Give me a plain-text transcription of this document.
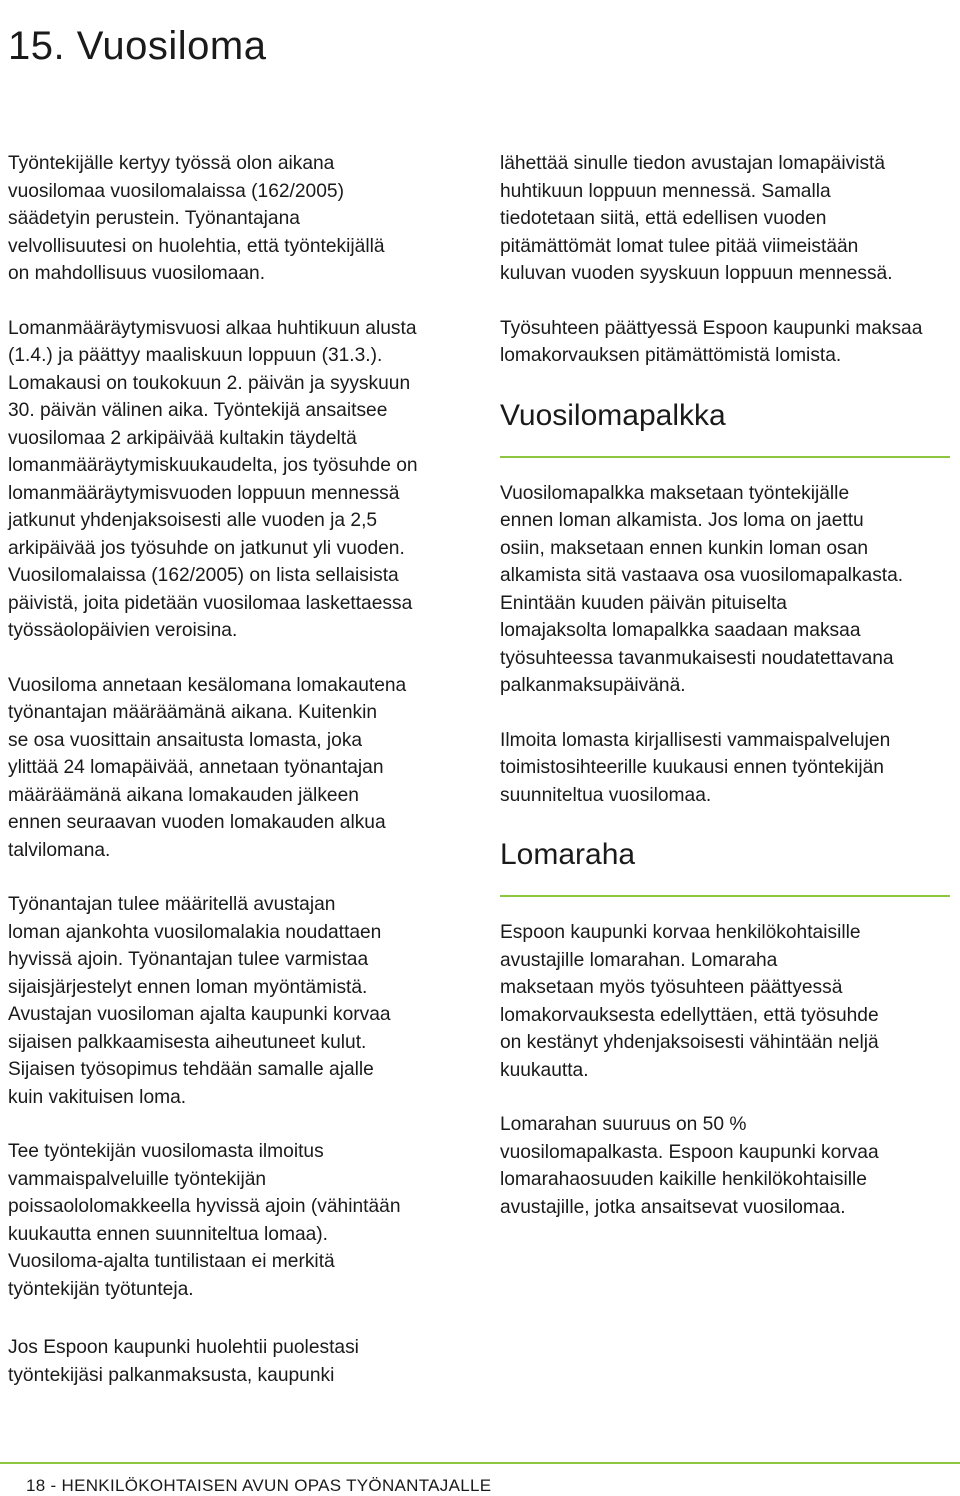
15. Vuosiloma

Työntekijälle kertyy työssä olon aikana
vuosilomaa vuosilomalaissa (162/2005)
säädetyin perustein. Työnantajana
velvollisuutesi on huolehtia, että työntekijällä
on mahdollisuus vuosilomaan.

Lomanmääräytymisvuosi alkaa huhtikuun alusta
(1.4.) ja päättyy maaliskuun loppuun (31.3.).
Lomakausi on toukokuun 2. päivän ja syyskuun
30. päivän välinen aika. Työntekijä ansaitsee
vuosilomaa 2 arkipäivää kultakin täydeltä
lomanmääräytymiskuukaudelta, jos työsuhde on
lomanmääräytymisvuoden loppuun mennessä
jatkunut yhdenjaksoisesti alle vuoden ja 2,5
arkipäivää jos työsuhde on jatkunut yli vuoden.
Vuosilomalaissa (162/2005) on lista sellaisista
päivistä, joita pidetään vuosilomaa laskettaessa
työssäolopäivien veroisina.

Vuosiloma annetaan kesälomana lomakautena
työnantajan määräämänä aikana. Kuitenkin
se osa vuosittain ansaitusta lomasta, joka
ylittää 24 lomapäivää, annetaan työnantajan
määräämänä aikana lomakauden jälkeen
ennen seuraavan vuoden lomakauden alkua
talvilomana.

Työnantajan tulee määritellä avustajan
loman ajankohta vuosilomalakia noudattaen
hyvissä ajoin. Työnantajan tulee varmistaa
sijaisjärjestelyt ennen loman myöntämistä.
Avustajan vuosiloman ajalta kaupunki korvaa
sijaisen palkkaamisesta aiheutuneet kulut.
Sijaisen työsopimus tehdään samalle ajalle
kuin vakituisen loma.

Tee työntekijän vuosilomasta ilmoitus
vammaispalveluille työntekijän
poissaololomakkeella hyvissä ajoin (vähintään
kuukautta ennen suunniteltua lomaa).
Vuosiloma-ajalta tuntilistaan ei merkitä
työntekijän työtunteja.

Jos Espoon kaupunki huolehtii puolestasi
työntekijäsi palkanmaksusta, kaupunki

lähettää sinulle tiedon avustajan lomapäivistä
huhtikuun loppuun mennessä. Samalla
tiedotetaan siitä, että edellisen vuoden
pitämättömät lomat tulee pitää viimeistään
kuluvan vuoden syyskuun loppuun mennessä.

Työsuhteen päättyessä Espoon kaupunki maksaa
lomakorvauksen pitämättömistä lomista.

Vuosilomapalkka

Vuosilomapalkka maksetaan työntekijälle
ennen loman alkamista. Jos loma on jaettu
osiin, maksetaan ennen kunkin loman osan
alkamista sitä vastaava osa vuosilomapalkasta.
Enintään kuuden päivän pituiselta
lomajaksolta lomapalkka saadaan maksaa
työsuhteessa tavanmukaisesti noudatettavana
palkanmaksupäivänä.

Ilmoita lomasta kirjallisesti vammaispalvelujen
toimistosihteerille kuukausi ennen työntekijän
suunniteltua vuosilomaa.

Lomaraha

Espoon kaupunki korvaa henkilökohtaisille
avustajille lomarahan. Lomaraha
maksetaan myös työsuhteen päättyessä
lomakorvauksesta edellyttäen, että työsuhde
on kestänyt yhdenjaksoisesti vähintään neljä
kuukautta.

Lomarahan suuruus on 50 %
vuosilomapalkasta. Espoon kaupunki korvaa
lomarahaosuuden kaikille henkilökohtaisille
avustajille, jotka ansaitsevat vuosilomaa.

18 - HENKILÖKOHTAISEN AVUN OPAS TYÖNANTAJALLE
